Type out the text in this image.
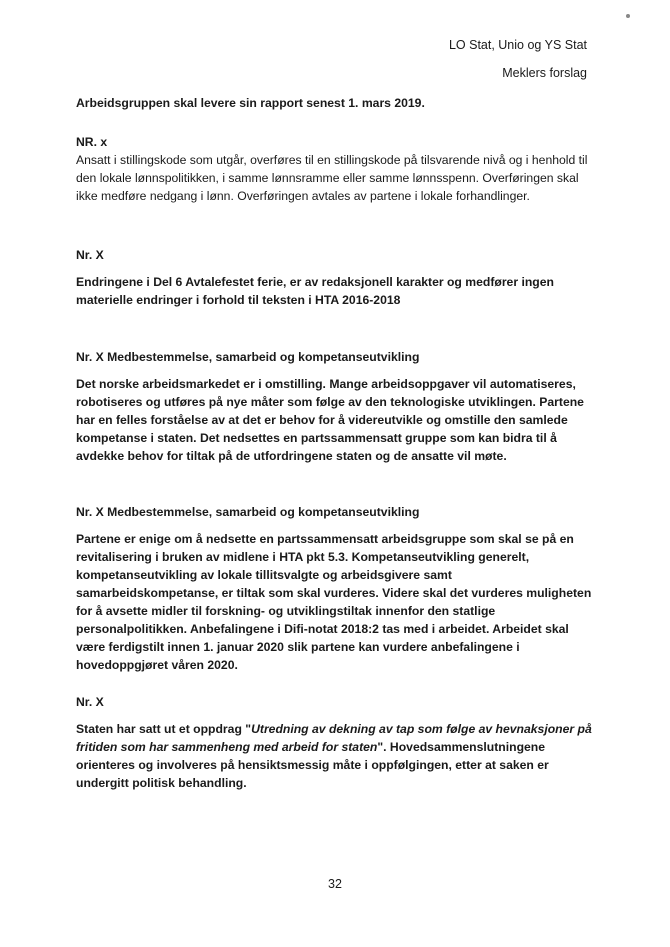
LO Stat, Unio og YS Stat
Meklers forslag
Arbeidsgruppen skal levere sin rapport senest 1. mars 2019.
NR. x
Ansatt i stillingskode som utgår, overføres til en stillingskode på tilsvarende nivå og i henhold til den lokale lønnspolitikken, i samme lønnsramme eller samme lønnsspenn. Overføringen skal ikke medføre nedgang i lønn. Overføringen avtales av partene i lokale forhandlinger.
Nr. X
Endringene i Del 6 Avtalefestet ferie, er av redaksjonell karakter og medfører ingen materielle endringer i forhold til teksten i HTA 2016-2018
Nr. X Medbestemmelse, samarbeid og kompetanseutvikling
Det norske arbeidsmarkedet er i omstilling. Mange arbeidsoppgaver vil automatiseres, robotiseres og utføres på nye måter som følge av den teknologiske utviklingen. Partene har en felles forståelse av at det er behov for å videreutvikle og omstille den samlede kompetanse i staten. Det nedsettes en partssammensatt gruppe som kan bidra til å avdekke behov for tiltak på de utfordringene staten og de ansatte vil møte.
Nr. X Medbestemmelse, samarbeid og kompetanseutvikling
Partene er enige om å nedsette en partssammensatt arbeidsgruppe som skal se på en revitalisering i bruken av midlene i HTA pkt 5.3. Kompetanseutvikling generelt, kompetanseutvikling av lokale tillitsvalgte og arbeidsgivere samt samarbeidskompetanse, er tiltak som skal vurderes. Videre skal det vurderes muligheten for å avsette midler til forskning- og utviklingstiltak innenfor den statlige personalpolitikken. Anbefalingene i Difi-notat 2018:2 tas med i arbeidet. Arbeidet skal være ferdigstilt innen 1. januar 2020 slik partene kan vurdere anbefalingene i hovedoppgjøret våren 2020.
Nr. X
Staten har satt ut et oppdrag "Utredning av dekning av tap som følge av hevnaksjoner på fritiden som har sammenheng med arbeid for staten". Hovedsammenslutningene orienteres og involveres på hensiktsmessig måte i oppfølgingen, etter at saken er undergitt politisk behandling.
32
